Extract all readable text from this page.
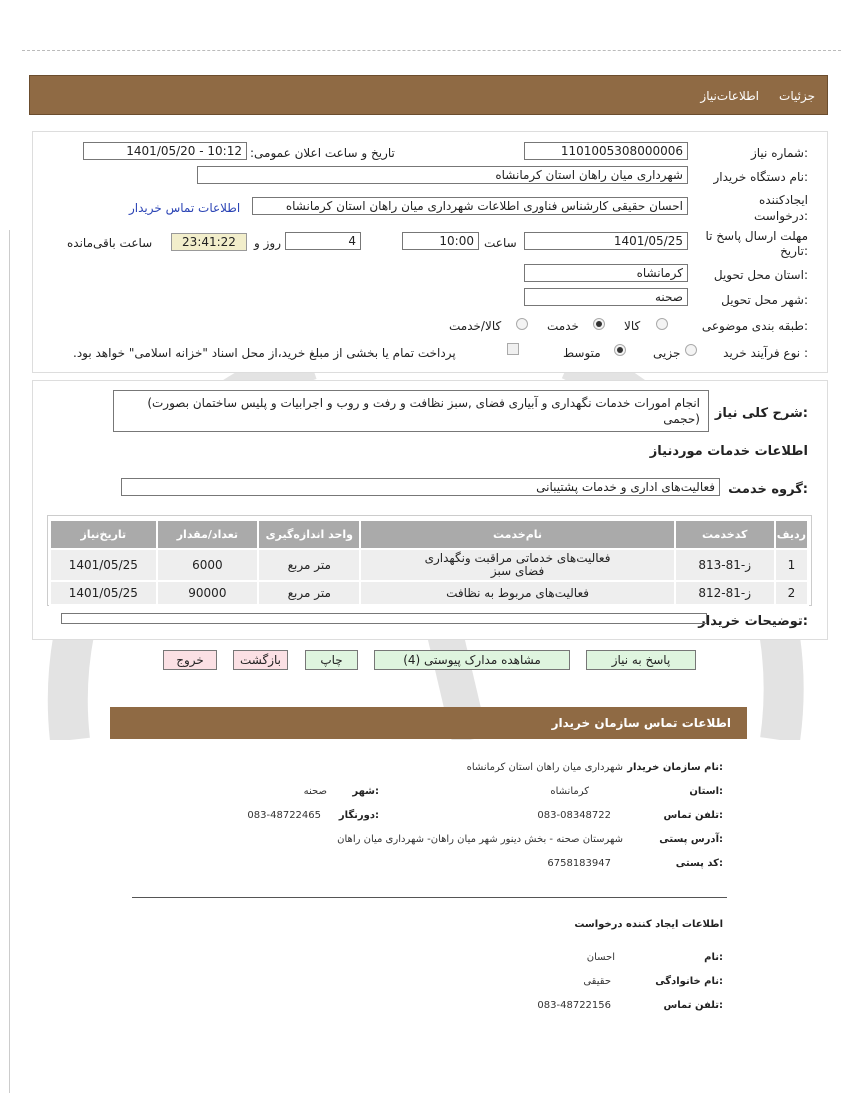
جزئیات
اطلاعات‌نیاز
شماره نیاز:
1101005308000006
تاریخ و ساعت اعلان عمومی:
1401/05/20 - 10:12
نام دستگاه خریدار:
شهرداری میان راهان استان کرمانشاه
ایجادکننده
درخواست:
احسان حقیقی کارشناس فناوری اطلاعات شهرداری میان راهان استان کرمانشاه
اطلاعات تماس خریدار
مهلت ارسال پاسخ تا
تاریخ:
1401/05/25
ساعت
10:00
4
روز و
23:41:22
ساعت باقی‌مانده
استان محل تحویل:
کرمانشاه
شهر محل تحویل:
صحنه
طبقه بندی موضوعی:
کالا
خدمت
کالا/خدمت
نوع فرآیند خرید :
جزیی
متوسط
پرداخت تمام یا بخشی از مبلغ خرید،از محل اسناد "خزانه اسلامی" خواهد بود.
شرح کلی نیاز:
انجام امورات خدمات نگهداری و آبیاری فضای ,سبز نظافت و رفت و روب و اجرابیات و پلیس ساختمان بصورت) (حجمی
اطلاعات خدمات موردنیاز
گروه خدمت:
فعالیت‌های اداری و خدمات پشتیبانی
ردیف	کدخدمت	نام‌خدمت	واحد اندازه‌گیری	تعداد/مقدار	تاریخ‌نیاز
1	ز-81-813	فعالیت‌های خدماتی مراقبت ونگهداری فضای سبز	متر مربع	6000	1401/05/25
2	ز-81-812	فعالیت‌های مربوط به نظافت	متر مربع	90000	1401/05/25
توضیحات خریدار:
پاسخ به نیاز
مشاهده مدارک پیوستی (4)
چاپ
بازگشت
خروج
اطلاعات تماس سازمان خریدار
نام سازمان خریدار:
شهرداری میان راهان استان کرمانشاه
استان:
کرمانشاه
شهر:
صحنه
تلفن تماس:
083-08348722
دورنگار:
083-48722465
آدرس پستی:
شهرستان صحنه - بخش دینور شهر میان راهان- شهرداری میان راهان
کد پستی:
6758183947
اطلاعات ایجاد کننده درخواست
نام:
احسان
نام خانوادگی:
حقیقی
تلفن تماس:
083-48722156
